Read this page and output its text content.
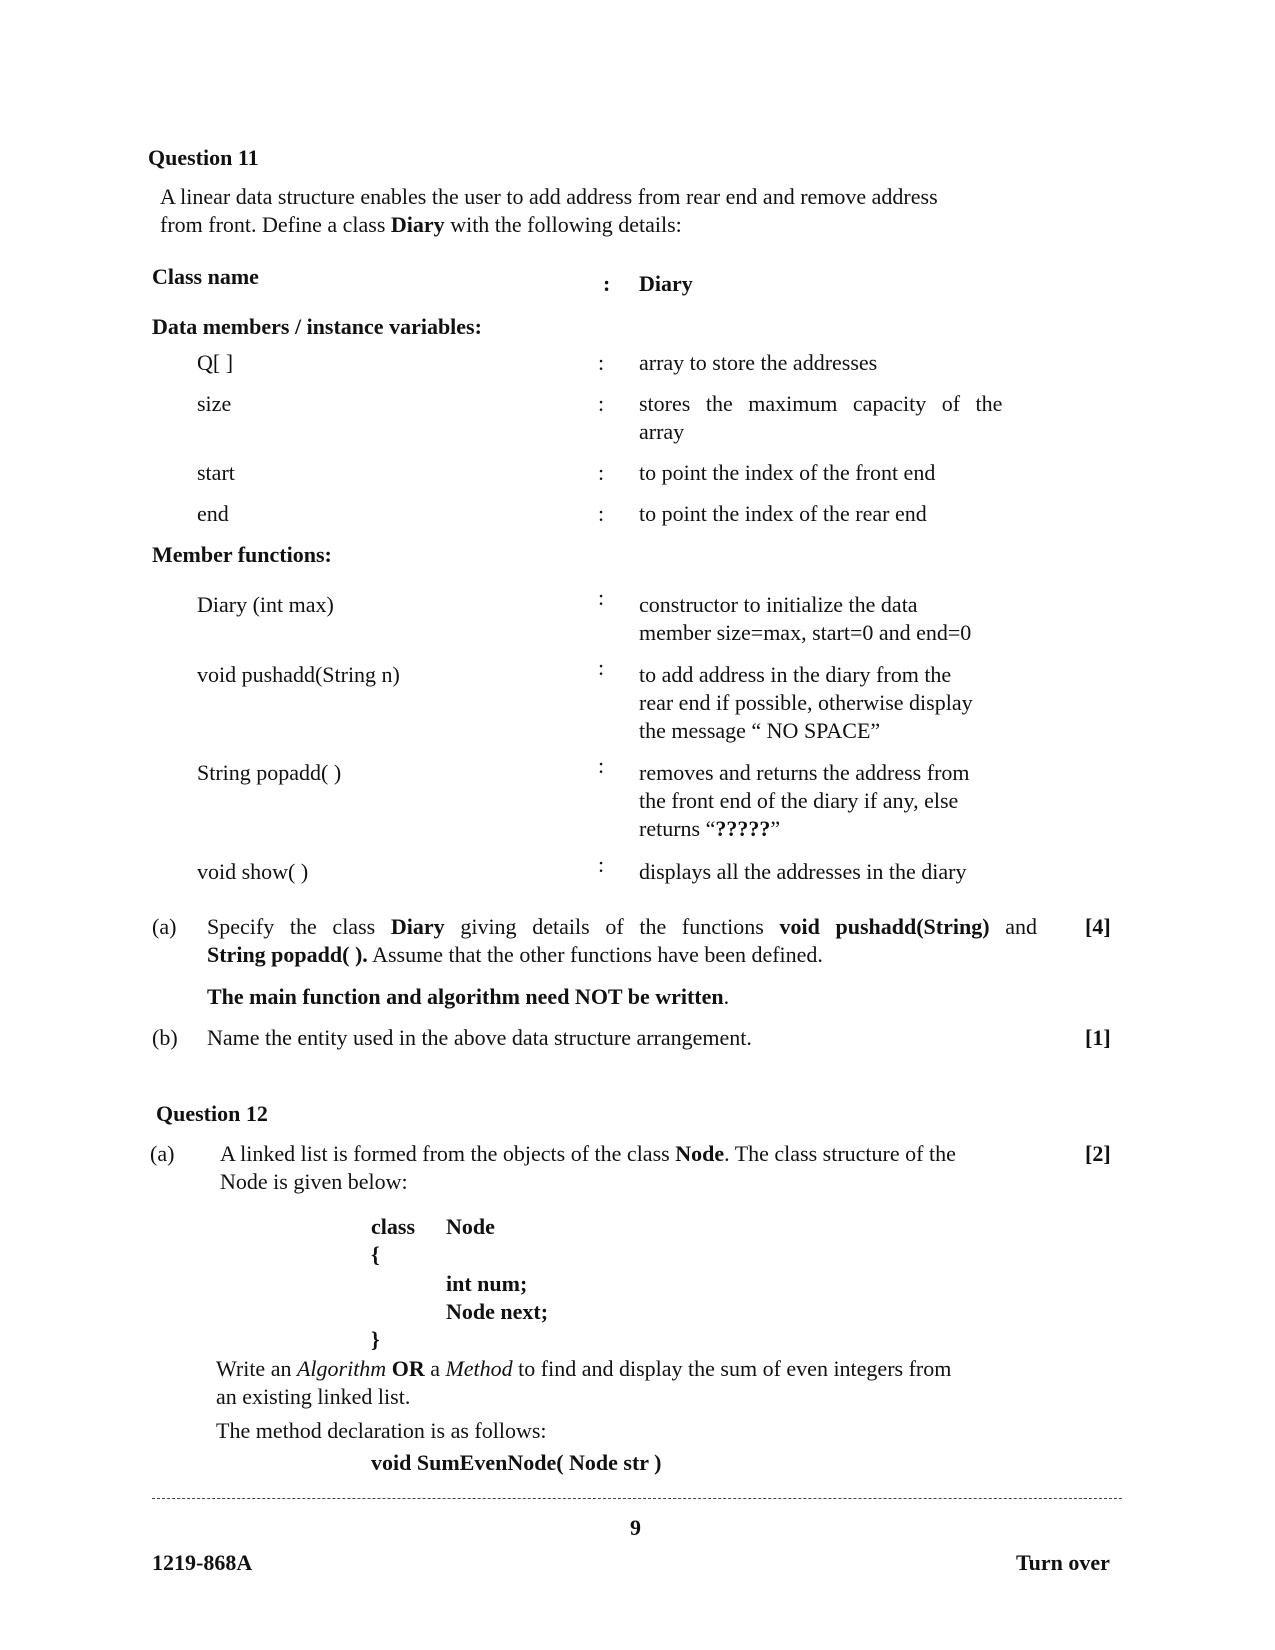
Question 11
A linear data structure enables the user to add address from rear end and remove address
from front. Define a class Diary with the following details:
Class name	: Diary
Data members / instance variables:
Q[ ]	: array to store the addresses
size	: stores the maximum capacity of the
array
start	: to point the index of the front end
end	: to point the index of the rear end
Member functions:
Diary (int max)	: constructor to initialize the data
member size=max, start=0 and end=0
void pushadd(String n)	: to add address in the diary from the
rear end if possible, otherwise display
the message “ NO SPACE”
String popadd( )	: removes and returns the address from
the front end of the diary if any, else
returns “?????”
void show( )	: displays all the addresses in the diary
(a) Specify the class Diary giving details of the functions void pushadd(String) and
String popadd( ). Assume that the other functions have been defined.
[4]
The main function and algorithm need NOT be written.
(b) Name the entity used in the above data structure arrangement.	[1]
Question 12
(a) A linked list is formed from the objects of the class Node. The class structure of the
Node is given below:
[2]
class Node
{
int num;
Node next;
}
Write an Algorithm OR a Method to find and display the sum of even integers from
an existing linked list.
The method declaration is as follows:
void SumEvenNode( Node str )
9
1219-868A	Turn over
